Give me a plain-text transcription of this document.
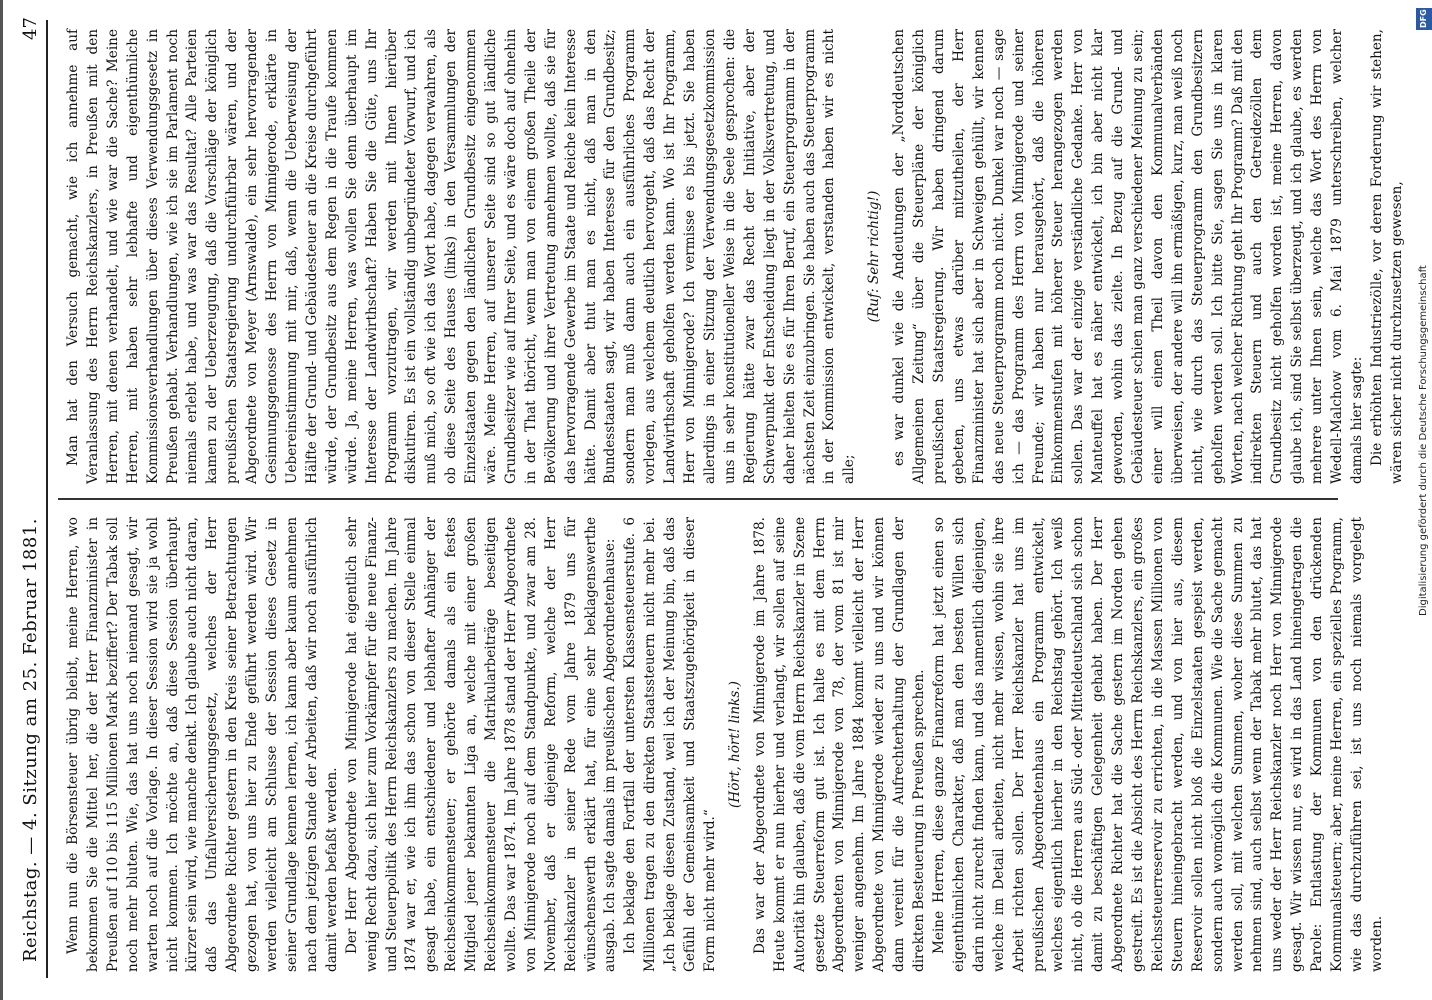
Reichstag. — 4. Sitzung am 25. Februar 1881.
47

Wenn nun die Börsensteuer übrig bleibt, meine Herren, wo bekommen Sie die Mittel her, die der Herr Finanzminister in Preußen auf 110 bis 115 Millionen Mark beziffert? Der Tabak soll noch mehr bluten. Wie, das hat uns noch niemand gesagt, wir warten noch auf die Vorlage. In dieser Session wird sie ja wohl nicht kommen. Ich möchte an, daß diese Session überhaupt kürzer sein wird, wie manche denkt. Ich glaube auch nicht daran, daß das Unfallversicherungsgesetz, welches der Herr Abgeordnete Richter gestern in den Kreis seiner Betrachtungen gezogen hat, von uns hier zu Ende geführt werden wird. Wir werden vielleicht am Schlusse der Session dieses Gesetz in seiner Grundlage kennen lernen, ich kann aber kaum annehmen nach dem jetzigen Stande der Arbeiten, daß wir noch ausführlich damit werden befaßt werden. Der Herr Abgeordnete von Minnigerode hat eigentlich sehr wenig Recht dazu, sich hier zum Vorkämpfer für die neue Finanz- und Steuerpolitik des Herrn Reichskanzlers zu machen. Im Jahre 1874 war er, wie ich ihm das schon von dieser Stelle einmal gesagt habe, ein entschiedener und lebhafter Anhänger der Reichseinkommensteuer; er gehörte damals als ein festes Mitglied jener bekannten Liga an, welche mit einer großen Reichseinkommensteuer die Matrikularbeiträge beseitigen wollte. Das war 1874. Im Jahre 1878 stand der Herr Abgeordnete von Minnigerode noch auf dem Standpunkte, und zwar am 28. November, daß er diejenige Reform, welche der Herr Reichskanzler in seiner Rede vom Jahre 1879 uns für wünschenswerth erklärt hat, für eine sehr beklagenswerthe ausgab. Ich sagte damals im preußischen Abgeordnetenhause: Ich beklage den Fortfall der untersten Klassensteuerstufe. 6 Millionen tragen zu den direkten Staatssteuern nicht mehr bei. „Ich beklage diesen Zustand, weil ich der Meinung bin, daß das Gefühl der Gemeinsamkeit und Staatszugehörigkeit in dieser Form nicht mehr wird.“

(Hört, hört! links.) Das war der Abgeordnete von Minnigerode im Jahre 1878. Heute kommt er nun hierher und verlangt, wir sollen auf seine Autorität hin glauben, daß die vom Herrn Reichskanzler in Szene gesetzte Steuerreform gut ist. Ich halte es mit dem Herrn Abgeordneten von Minnigerode von 78, der vom 81 ist mir weniger angenehm. Im Jahre 1884 kommt vielleicht der Herr Abgeordnete von Minnigerode wieder zu uns und wir können dann vereint für die Aufrechterhaltung der Grundlagen der direkten Besteuerung in Preußen sprechen. Meine Herren, diese ganze Finanzreform hat jetzt einen so eigenthümlichen Charakter, daß man den besten Willen sich darin nicht zurecht finden kann, und das namentlich diejenigen, welche im Detail arbeiten, nicht mehr wissen, wohin sie ihre Arbeit richten sollen. Der Herr Reichskanzler hat uns im preußischen Abgeordnetenhaus ein Programm entwickelt, welches eigentlich hierher in den Reichstag gehört. Ich weiß nicht, ob die Herren aus Süd- oder Mitteldeutschland sich schon damit zu beschäftigen Gelegenheit gehabt haben. Der Herr Abgeordnete Richter hat die Sache gestern im Norden gehen gestreift. Es ist die Absicht des Herrn Reichskanzlers, ein großes Reichssteuerreservoir zu errichten, in die Massen Millionen von Steuern hineingebracht werden, und von hier aus, diesem Reservoir sollen nicht bloß die Einzelstaaten gespeist werden, sondern auch womöglich die Kommunen. Wie die Sache gemacht werden soll, mit welchen Summen, woher diese Summen zu nehmen sind, auch selbst wenn der Tabak mehr blutet, das hat uns weder der Herr Reichskanzler noch Herr von Minnigerode gesagt. Wir wissen nur, es wird in das Land hineingetragen die Parole: Entlastung der Kommunen von den drückenden Kommunalsteuern; aber, meine Herren, ein spezielles Programm, wie das durchzuführen sei, ist uns noch niemals vorgelegt worden.

Man hat den Versuch gemacht, wie ich annehme auf Veranlassung des Herrn Reichskanzlers, in Preußen mit den Herren, mit denen verhandelt, und wie war die Sache? Meine Herren, mit haben sehr lebhafte und eigenthümliche Kommissionsverhandlungen über dieses Verwendungsgesetz in Preußen gehabt. Verhandlungen, wie ich sie im Parlament noch niemals erlebt habe, und was war das Resultat? Alle Parteien kamen zu der Ueberzeugung, daß die Vorschläge der königlich preußischen Staatsregierung undurchführbar wären, und der Abgeordnete von Meyer (Arnswalde), ein sehr hervorragender Gesinnungsgenosse des Herrn von Minnigerode, erklärte in Uebereinstimmung mit mir, daß, wenn die Ueberweisung der Hälfte der Grund- und Gebäudesteuer an die Kreise durchgeführt würde, der Grundbesitz aus dem Regen in die Traufe kommen würde. Ja, meine Herren, was wollen Sie denn überhaupt im Interesse der Landwirthschaft? Haben Sie die Güte, uns Ihr Programm vorzutragen, wir werden mit Ihnen hierüber diskutiren. Es ist ein vollständig unbegründeter Vorwurf, und ich muß mich, so oft wie ich das Wort habe, dagegen verwahren, als ob diese Seite des Hauses (links) in den Versammlungen der Einzelstaaten gegen den ländlichen Grundbesitz eingenommen wäre. Meine Herren, auf unserer Seite sind so gut ländliche Grundbesitzer wie auf Ihrer Seite, und es wäre doch auf ohnehin in der That thöricht, wenn man von einem großen Theile der Bevölkerung und ihrer Vertretung annehmen wollte, daß sie für das hervorragende Gewerbe im Staate und Reiche kein Interesse hätte. Damit aber thut man es nicht, daß man in den Bundesstaaten sagt, wir haben Interesse für den Grundbesitz; sondern man muß dann auch ein ausführliches Programm vorlegen, aus welchem deutlich hervorgeht, daß das Recht der Landwirthschaft geholfen werden kann. Wo ist Ihr Programm, Herr von Minnigerode? Ich vermisse es bis jetzt. Sie haben allerdings in einer Sitzung der Verwendungsgesetzkommission uns in sehr konstitutioneller Weise in die Seele gesprochen: die Regierung hätte zwar das Recht der Initiative, aber der Schwerpunkt der Entscheidung liegt in der Volksvertretung, und daher hielten Sie es für Ihren Beruf, ein Steuerprogramm in der nächsten Zeit einzubringen. Sie haben auch das Steuerprogramm in der Kommission entwickelt, verstanden haben wir es nicht alle;

(Ruf: Sehr richtig!) es war dunkel wie die Andeutungen der „Norddeutschen Allgemeinen Zeitung“ über die Steuerpläne der königlich preußischen Staatsregierung. Wir haben dringend darum gebeten, uns etwas darüber mitzutheilen, der Herr Finanzminister hat sich aber in Schweigen gehüllt, wir kennen das neue Steuerprogramm noch nicht. Dunkel war noch — sage ich — das Programm des Herrn von Minnigerode und seiner Freunde; wir haben nur herausgehört, daß die höheren Einkommenstufen mit höherer Steuer herangezogen werden sollen. Das war der einzige verständliche Gedanke. Herr von Manteuffel hat es näher entwickelt, ich bin aber nicht klar geworden, wohin das zielte. In Bezug auf die Grund- und Gebäudesteuer schien man ganz verschiedener Meinung zu sein; einer will einen Theil davon den Kommunalverbänden überweisen, der andere will ihn ermäßigen, kurz, man weiß noch nicht, wie durch das Steuerprogramm den Grundbesitzern geholfen werden soll. Ich bitte Sie, sagen Sie uns in klaren Worten, nach welcher Richtung geht Ihr Programm? Daß mit den indirekten Steuern und auch den Getreidezöllen dem Grundbesitz nicht geholfen worden ist, meine Herren, davon glaube ich, sind Sie selbst überzeugt, und ich glaube, es werden mehrere unter Ihnen sein, welche das Wort des Herrn von Wedell-Malchow vom 6. Mai 1879 unterschreiben, welcher damals hier sagte: Die erhöhten Industriezölle, vor deren Forderung wir stehen, wären sicher nicht durchzusetzen gewesen,

DFG
Digitalisierung gefördert durch die Deutsche Forschungsgemeinschaft
